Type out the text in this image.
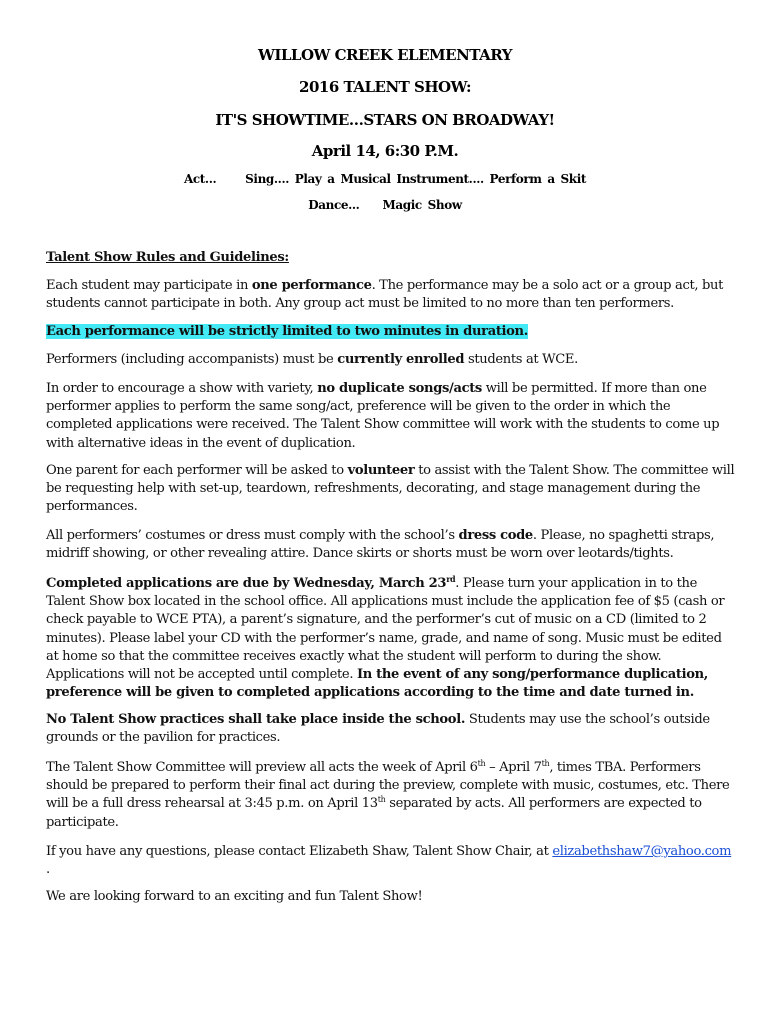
WILLOW CREEK ELEMENTARY
2016 TALENT SHOW:
IT'S SHOWTIME…STARS ON BROADWAY!
April 14, 6:30 P.M.
Act...     Sing.... Play a Musical Instrument.... Perform a Skit
Dance...    Magic Show

Talent Show Rules and Guidelines:

Each student may participate in one performance. The performance may be a solo act or a group act, but students cannot participate in both. Any group act must be limited to no more than ten performers.

Each performance will be strictly limited to two minutes in duration.

Performers (including accompanists) must be currently enrolled students at WCE.

In order to encourage a show with variety, no duplicate songs/acts will be permitted. If more than one performer applies to perform the same song/act, preference will be given to the order in which the completed applications were received. The Talent Show committee will work with the students to come up with alternative ideas in the event of duplication.

One parent for each performer will be asked to volunteer to assist with the Talent Show. The committee will be requesting help with set-up, teardown, refreshments, decorating, and stage management during the performances.

All performers’ costumes or dress must comply with the school’s dress code. Please, no spaghetti straps, midriff showing, or other revealing attire. Dance skirts or shorts must be worn over leotards/tights.

Completed applications are due by Wednesday, March 23rd. Please turn your application in to the Talent Show box located in the school office. All applications must include the application fee of $5 (cash or check payable to WCE PTA), a parent’s signature, and the performer’s cut of music on a CD (limited to 2 minutes). Please label your CD with the performer’s name, grade, and name of song. Music must be edited at home so that the committee receives exactly what the student will perform to during the show. Applications will not be accepted until complete. In the event of any song/performance duplication, preference will be given to completed applications according to the time and date turned in.

No Talent Show practices shall take place inside the school. Students may use the school’s outside grounds or the pavilion for practices.

The Talent Show Committee will preview all acts the week of April 6th – April 7th, times TBA. Performers should be prepared to perform their final act during the preview, complete with music, costumes, etc. There will be a full dress rehearsal at 3:45 p.m. on April 13th separated by acts. All performers are expected to participate.

If you have any questions, please contact Elizabeth Shaw, Talent Show Chair, at elizabethshaw7@yahoo.com .

We are looking forward to an exciting and fun Talent Show!
